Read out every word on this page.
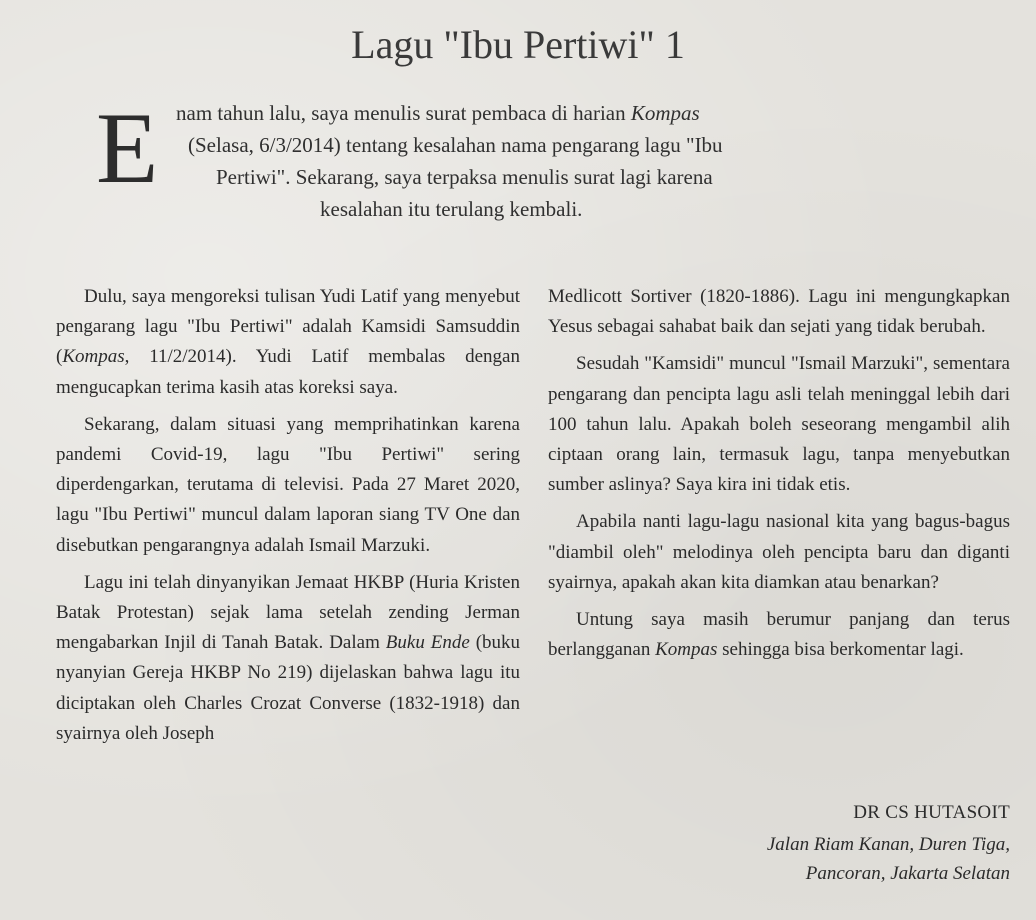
Lagu "Ibu Pertiwi" 1
E nam tahun lalu, saya menulis surat pembaca di harian Kompas
(Selasa, 6/3/2014) tentang kesalahan nama pengarang lagu "Ibu
Pertiwi". Sekarang, saya terpaksa menulis surat lagi karena
kesalahan itu terulang kembali.

Dulu, saya mengoreksi tulisan Yudi Latif yang menyebut pengarang lagu "Ibu Pertiwi" adalah Kamsidi Samsuddin (Kompas, 11/2/2014). Yudi Latif membalas dengan mengucapkan terima kasih atas koreksi saya.

Sekarang, dalam situasi yang memprihatinkan karena pandemi Covid-19, lagu "Ibu Pertiwi" sering diperdengarkan, terutama di televisi. Pada 27 Maret 2020, lagu "Ibu Pertiwi" muncul dalam laporan siang TV One dan disebutkan pengarangnya adalah Ismail Marzuki.

Lagu ini telah dinyanyikan Jemaat HKBP (Huria Kristen Batak Protestan) sejak lama setelah zending Jerman mengabarkan Injil di Tanah Batak. Dalam Buku Ende (buku nyanyian Gereja HKBP No 219) dijelaskan bahwa lagu itu diciptakan oleh Charles Crozat Converse (1832-1918) dan syairnya oleh Joseph

Medlicott Sortiver (1820-1886). Lagu ini mengungkapkan Yesus sebagai sahabat baik dan sejati yang tidak berubah.

Sesudah "Kamsidi" muncul "Ismail Marzuki", sementara pengarang dan pencipta lagu asli telah meninggal lebih dari 100 tahun lalu. Apakah boleh seseorang mengambil alih ciptaan orang lain, termasuk lagu, tanpa menyebutkan sumber aslinya? Saya kira ini tidak etis.

Apabila nanti lagu-lagu nasional kita yang bagus-bagus "diambil oleh" melodinya oleh pencipta baru dan diganti syairnya, apakah akan kita diamkan atau benarkan?

Untung saya masih berumur panjang dan terus berlangganan Kompas sehingga bisa berkomentar lagi.

DR CS HUTASOIT
Jalan Riam Kanan, Duren Tiga,
Pancoran, Jakarta Selatan
